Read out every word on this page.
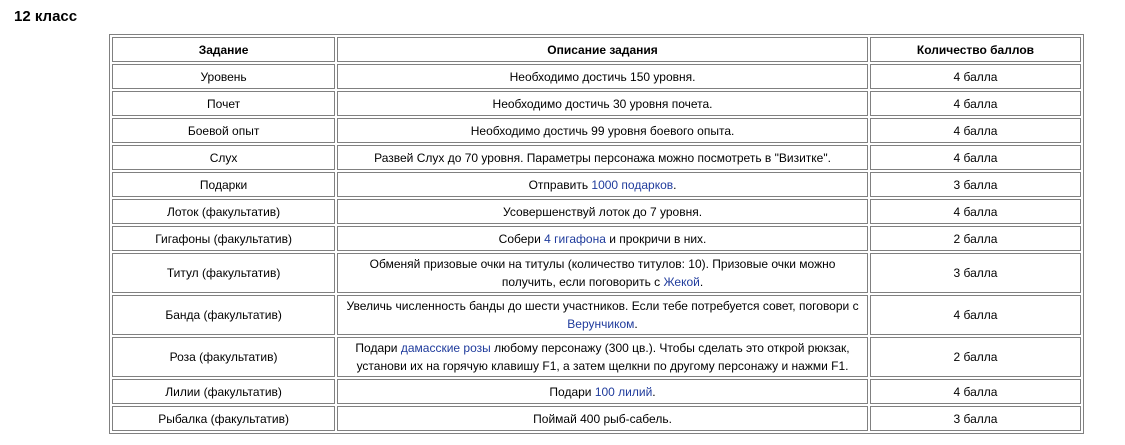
12 класс
Задание	Описание задания	Количество баллов
Уровень	Необходимо достичь 150 уровня.	4 балла
Почет	Необходимо достичь 30 уровня почета.	4 балла
Боевой опыт	Необходимо достичь 99 уровня боевого опыта.	4 балла
Слух	Развей Слух до 70 уровня. Параметры персонажа можно посмотреть в "Визитке".	4 балла
Подарки	Отправить 1000 подарков.	3 балла
Лоток (факультатив)	Усовершенствуй лоток до 7 уровня.	4 балла
Гигафоны (факультатив)	Собери 4 гигафона и прокричи в них.	2 балла
Титул (факультатив)	Обменяй призовые очки на титулы (количество титулов: 10). Призовые очки можно получить, если поговорить с Жекой.	3 балла
Банда (факультатив)	Увеличь численность банды до шести участников. Если тебе потребуется совет, поговори с Верунчиком.	4 балла
Роза (факультатив)	Подари дамасские розы любому персонажу (300 цв.). Чтобы сделать это открой рюкзак, установи их на горячую клавишу F1, а затем щелкни по другому персонажу и нажми F1.	2 балла
Лилии (факультатив)	Подари 100 лилий.	4 балла
Рыбалка (факультатив)	Поймай 400 рыб-сабель.	3 балла
